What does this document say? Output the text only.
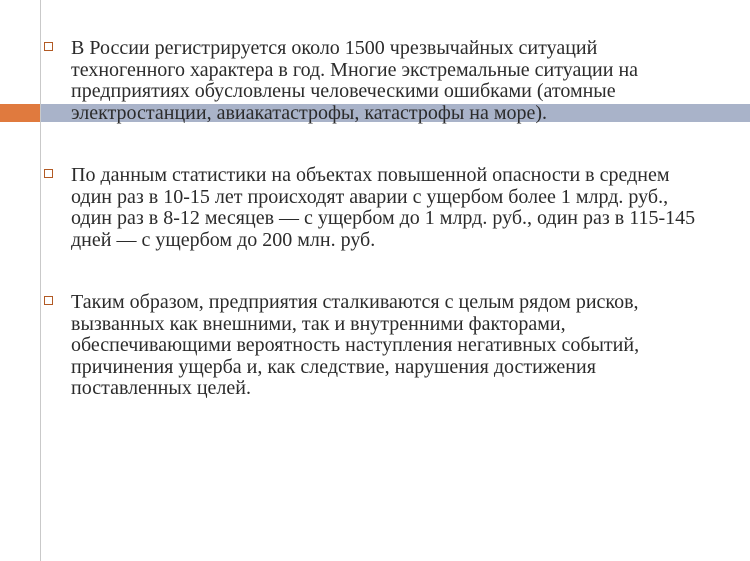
В России регистрируется около 1500 чрезвычайных ситуаций техногенного характера в год. Многие экстремальные ситуации на предприятиях обусловлены человеческими ошибками (атомные электростанции, авиакатастрофы, катастрофы на море).
По данным статистики на объектах повышенной опасности в среднем один раз в 10-15 лет происходят аварии с ущербом более 1 млрд. руб., один раз в 8-12 месяцев — с ущербом до 1 млрд. руб., один раз в 115-145 дней — с ущербом до 200 млн. руб.
Таким образом, предприятия сталкиваются с целым рядом рисков, вызванных как внешними, так и внутренними факторами, обеспечивающими вероятность наступления негативных событий, причинения ущерба и, как следствие, нарушения достижения поставленных целей.
